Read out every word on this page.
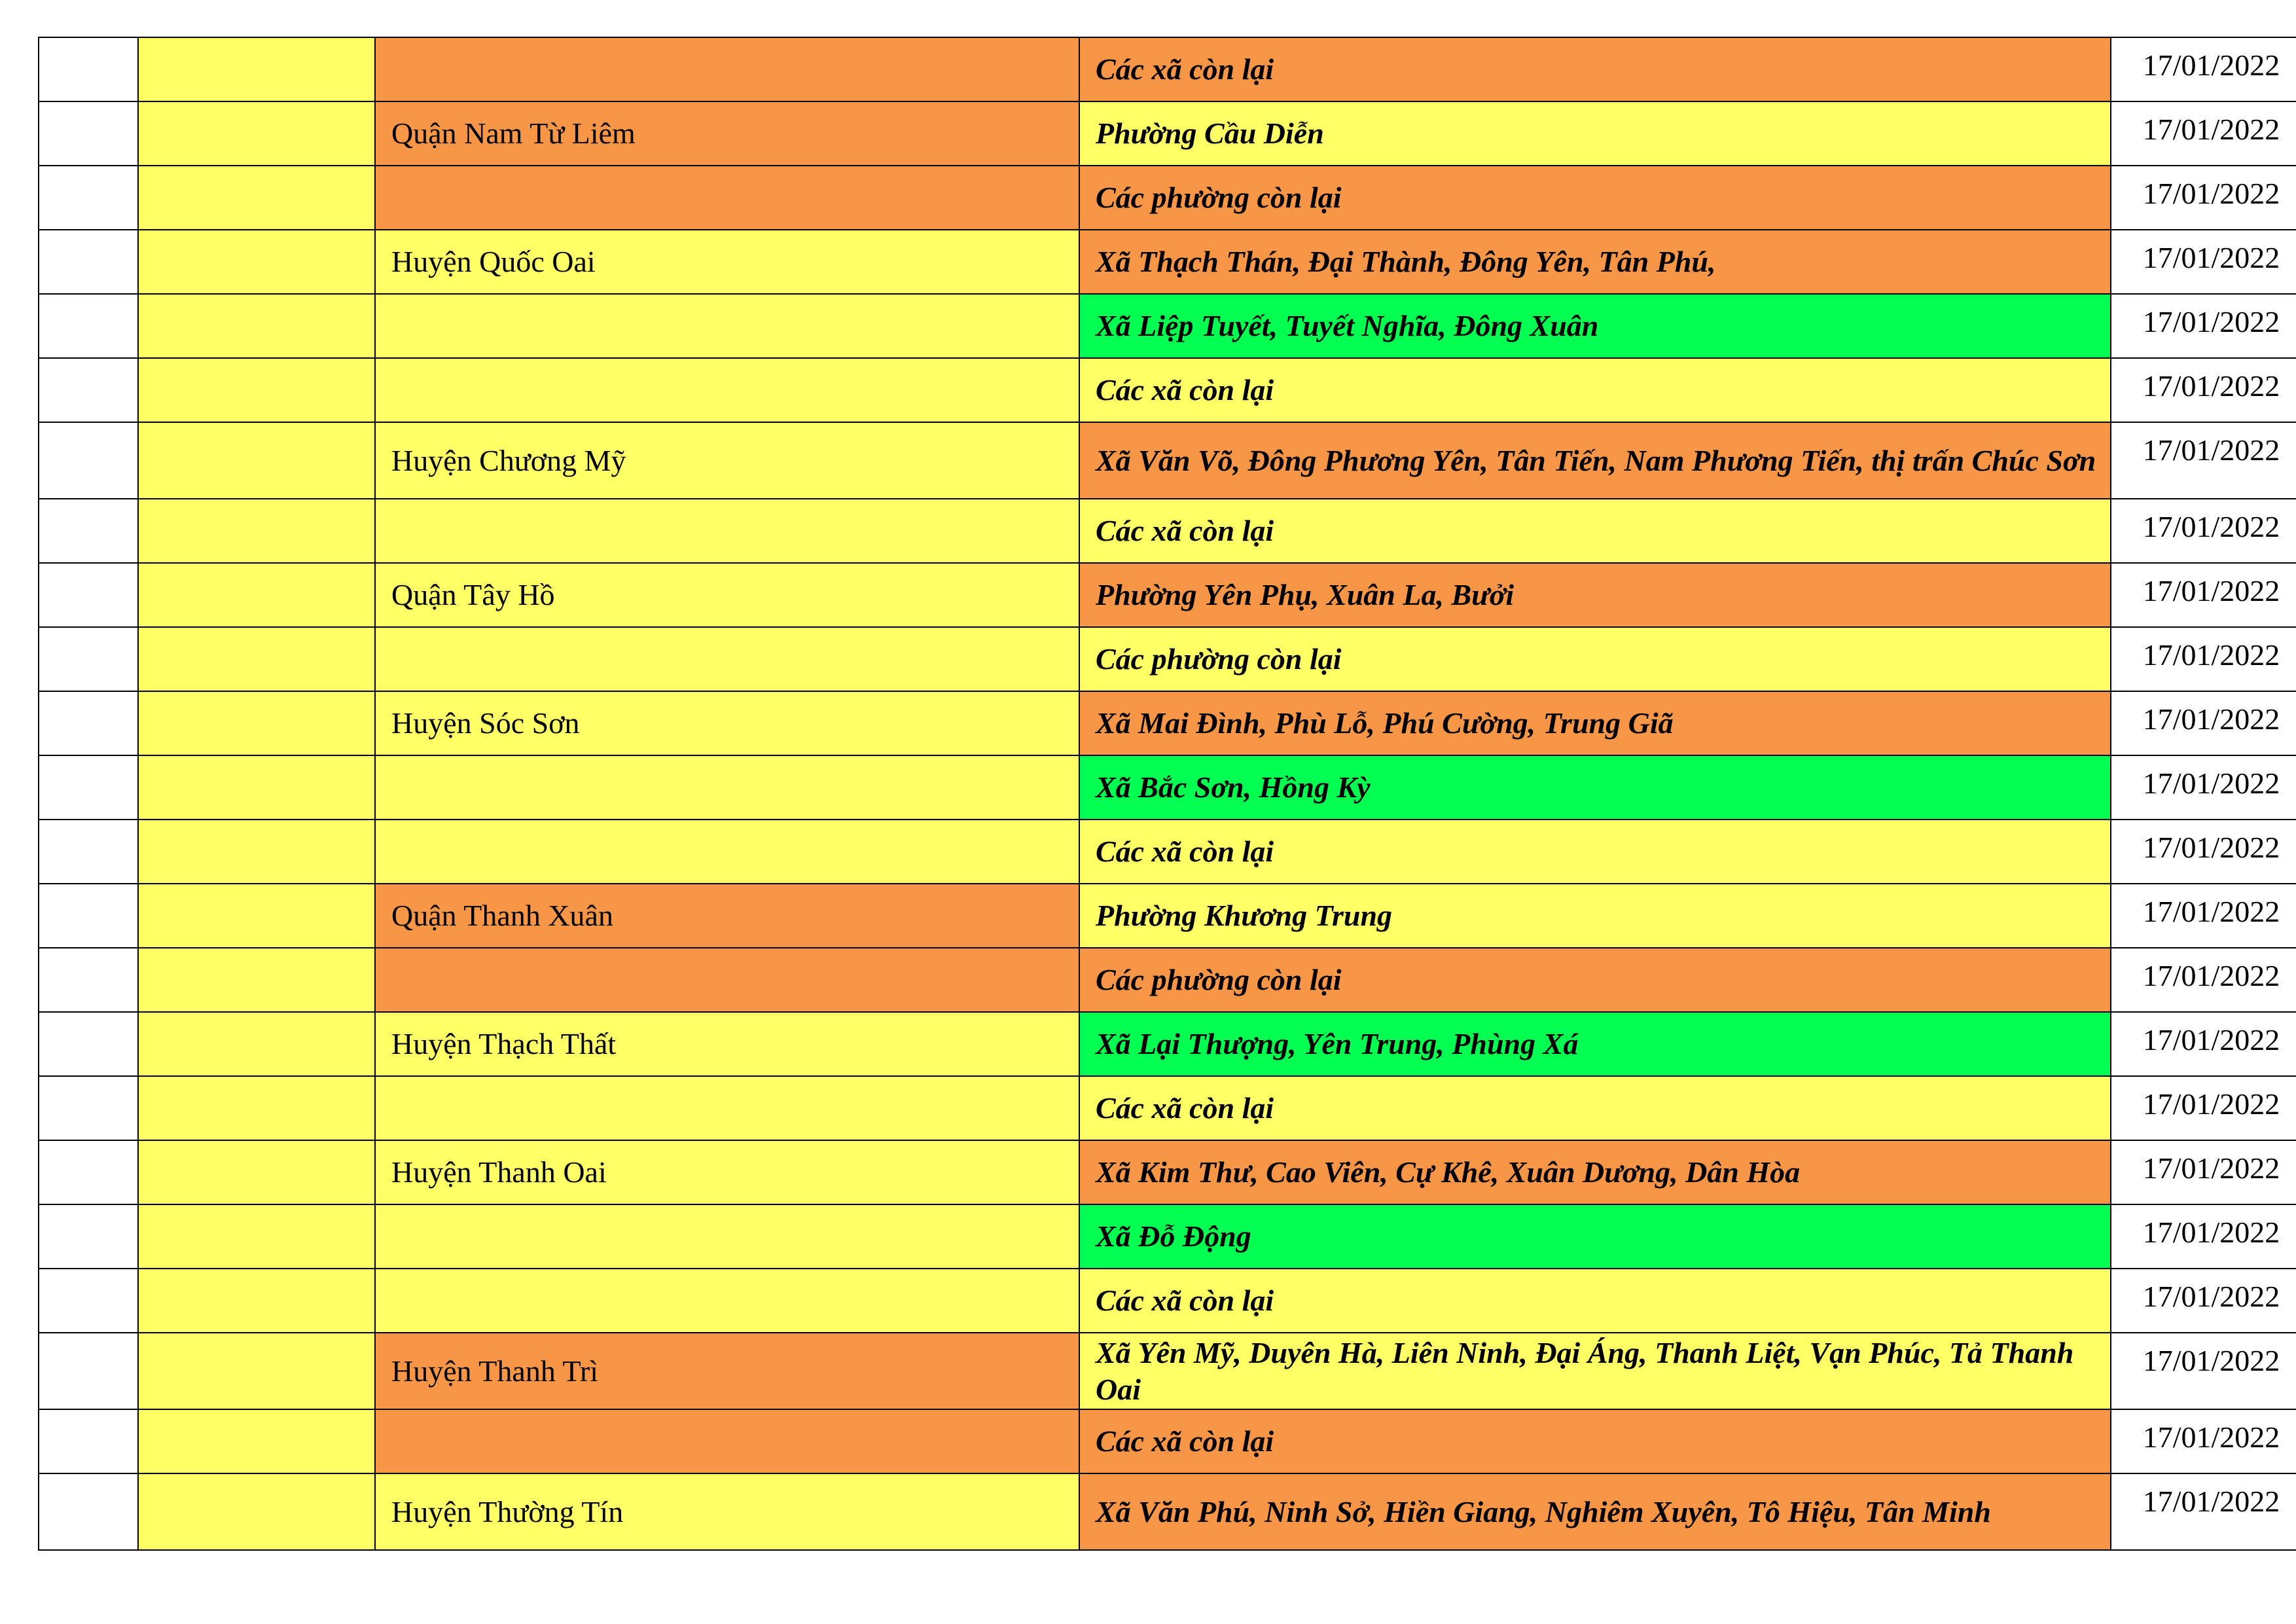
			Các xã còn lại	17/01/2022
		Quận Nam Từ Liêm	Phường Cầu Diễn	17/01/2022
			Các phường còn lại	17/01/2022
		Huyện Quốc Oai	Xã Thạch Thán, Đại Thành, Đông Yên, Tân Phú,	17/01/2022
			Xã Liệp Tuyết, Tuyết Nghĩa, Đông Xuân	17/01/2022
			Các xã còn lại	17/01/2022
		Huyện Chương Mỹ	Xã Văn Võ, Đông Phương Yên, Tân Tiến, Nam Phương Tiến, thị trấn Chúc Sơn	17/01/2022
			Các xã còn lại	17/01/2022
		Quận Tây Hồ	Phường Yên Phụ, Xuân La, Bưởi	17/01/2022
			Các phường còn lại	17/01/2022
		Huyện Sóc Sơn	Xã Mai Đình, Phù Lỗ, Phú Cường, Trung Giã	17/01/2022
			Xã Bắc Sơn, Hồng Kỳ	17/01/2022
			Các xã còn lại	17/01/2022
		Quận Thanh Xuân	Phường Khương Trung	17/01/2022
			Các phường còn lại	17/01/2022
		Huyện Thạch Thất	Xã Lại Thượng, Yên Trung, Phùng Xá	17/01/2022
			Các xã còn lại	17/01/2022
		Huyện Thanh Oai	Xã Kim Thư, Cao Viên, Cự Khê, Xuân Dương, Dân Hòa	17/01/2022
			Xã Đỗ Động	17/01/2022
			Các xã còn lại	17/01/2022
		Huyện Thanh Trì	Xã Yên Mỹ, Duyên Hà, Liên Ninh, Đại Áng, Thanh Liệt, Vạn Phúc, Tả Thanh Oai	17/01/2022
			Các xã còn lại	17/01/2022
		Huyện Thường Tín	Xã Văn Phú, Ninh Sở, Hiền Giang, Nghiêm Xuyên, Tô Hiệu, Tân Minh	17/01/2022
